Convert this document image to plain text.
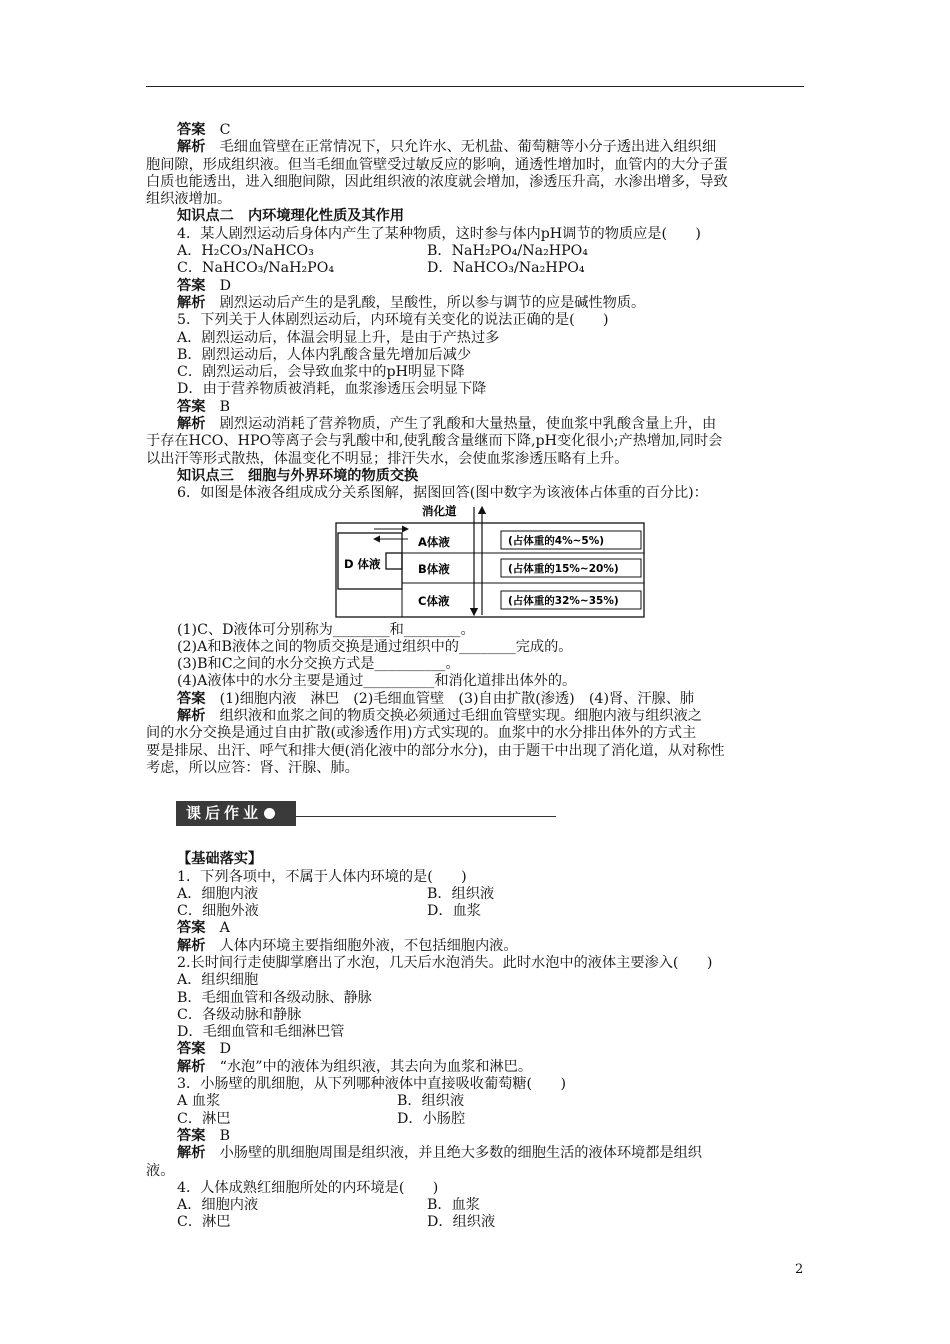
答案　 C
解析　 毛细血管壁在正常情况下，只允许水、无机盐、葡萄糖等小分子透出进入组织细
胞间隙，形成组织液。但当毛细血管壁受过敏反应的影响，通透性增加时，血管内的大分子蛋
白质也能透出，进入细胞间隙，因此组织液的浓度就会增加，渗透压升高，水渗出增多，导致
组织液增加。
知识点二　内环境理化性质及其作用
4．某人剧烈运动后身体内产生了某种物质，这时参与体内pH调节的物质应是(　　)
A．H₂CO₃/NaHCO₃	B．NaH₂PO₄/Na₂HPO₄
C．NaHCO₃/NaH₂PO₄	D．NaHCO₃/Na₂HPO₄
答案　 D
解析　 剧烈运动后产生的是乳酸，呈酸性，所以参与调节的应是碱性物质。
5．下列关于人体剧烈运动后，内环境有关变化的说法正确的是(　　)
A．剧烈运动后，体温会明显上升，是由于产热过多
B．剧烈运动后，人体内乳酸含量先增加后减少
C．剧烈运动后，会导致血浆中的pH明显下降
D．由于营养物质被消耗，血浆渗透压会明显下降
答案　 B
解析　 剧烈运动消耗了营养物质，产生了乳酸和大量热量，使血浆中乳酸含量上升，由
于存在HCO、HPO等离子会与乳酸中和,使乳酸含量继而下降,pH变化很小;产热增加,同时会
以出汗等形式散热，体温变化不明显；排汗失水，会使血浆渗透压略有上升。
知识点三　细胞与外界环境的物质交换
6．如图是体液各组成成分关系图解，据图回答(图中数字为该液体占体重的百分比)：
消化道
D 体液
A体液
B体液
C体液
(占体重的4%~5%)
(占体重的15%~20%)
(占体重的32%~35%)
(1)C、D液体可分别称为________和________。
(2)A和B液体之间的物质交换是通过组织中的________完成的。
(3)B和C之间的水分交换方式是__________。
(4)A液体中的水分主要是通过__________和消化道排出体外的。
答案　 (1)细胞内液　淋巴　(2)毛细血管壁　(3)自由扩散(渗透)　(4)肾、汗腺、肺
解析　 组织液和血浆之间的物质交换必须通过毛细血管壁实现。细胞内液与组织液之
间的水分交换是通过自由扩散(或渗透作用)方式实现的。血浆中的水分排出体外的方式主
要是排尿、出汗、呼气和排大便(消化液中的部分水分)，由于题干中出现了消化道，从对称性
考虑，所以应答：肾、汗腺、肺。
课后作业
【基础落实】
1．下列各项中，不属于人体内环境的是(　　)
A．细胞内液	B．组织液
C．细胞外液	D．血浆
答案　 A
解析　 人体内环境主要指细胞外液，不包括细胞内液。
2.长时间行走使脚掌磨出了水泡，几天后水泡消失。此时水泡中的液体主要渗入(　　)
A．组织细胞
B．毛细血管和各级动脉、静脉
C．各级动脉和静脉
D．毛细血管和毛细淋巴管
答案　 D
解析　 “水泡”中的液体为组织液，其去向为血浆和淋巴。
3．小肠壁的肌细胞，从下列哪种液体中直接吸收葡萄糖(　　)
A 血浆	B．组织液
C．淋巴	D．小肠腔
答案　 B
解析　 小肠壁的肌细胞周围是组织液，并且绝大多数的细胞生活的液体环境都是组织
液。
4．人体成熟红细胞所处的内环境是(　　)
A．细胞内液	B．血浆
C．淋巴	D．组织液
2
